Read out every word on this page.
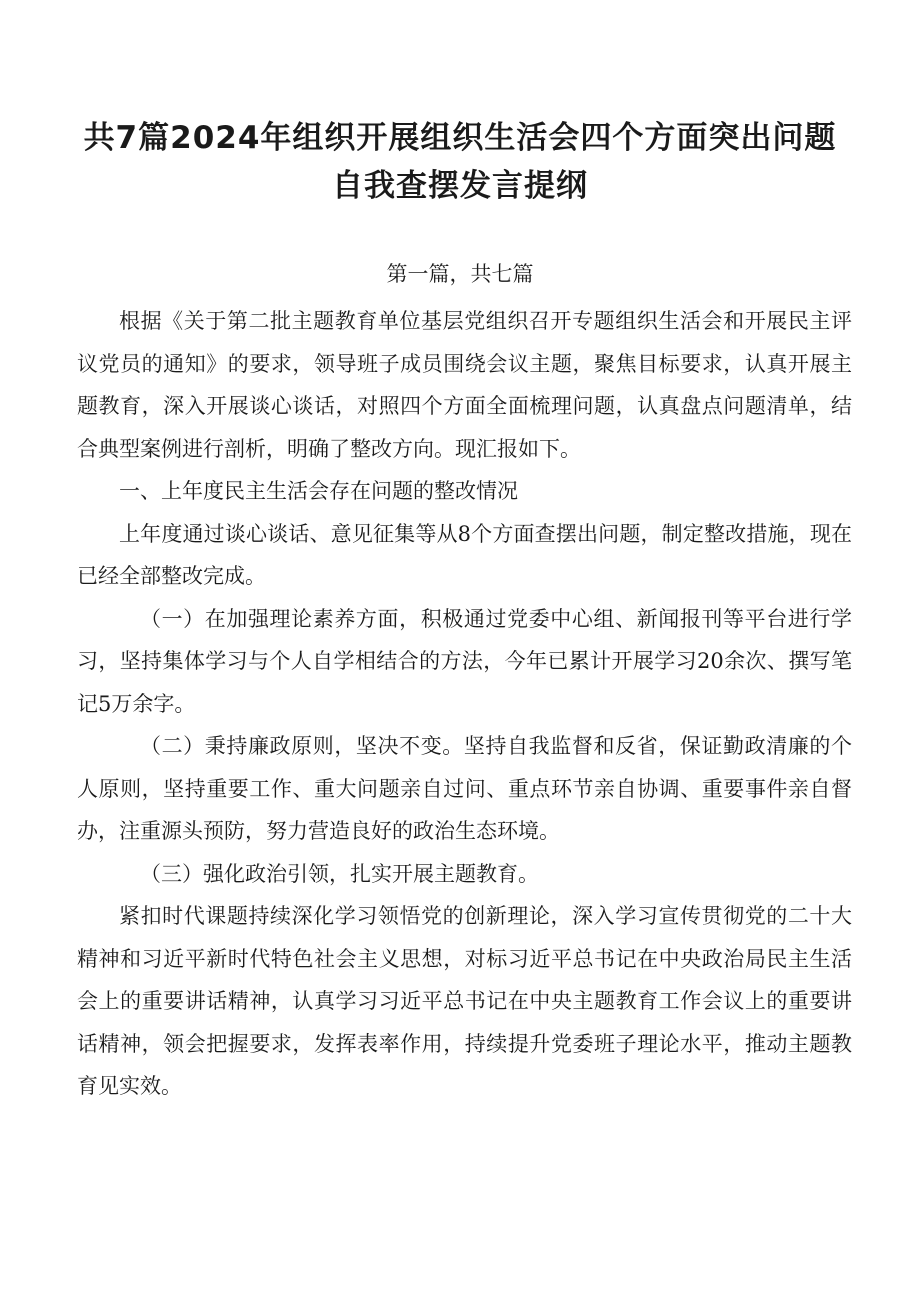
共7篇2024年组织开展组织生活会四个方面突出问题
自我查摆发言提纲
第一篇，共七篇

根据《关于第二批主题教育单位基层党组织召开专题组织生活会和开展民主评议党员的通知》的要求，领导班子成员围绕会议主题，聚焦目标要求，认真开展主题教育，深入开展谈心谈话，对照四个方面全面梳理问题，认真盘点问题清单，结合典型案例进行剖析，明确了整改方向。现汇报如下。

一、上年度民主生活会存在问题的整改情况

上年度通过谈心谈话、意见征集等从8个方面查摆出问题，制定整改措施，现在已经全部整改完成。

（一）在加强理论素养方面，积极通过党委中心组、新闻报刊等平台进行学习，坚持集体学习与个人自学相结合的方法，今年已累计开展学习20余次、撰写笔记5万余字。

（二）秉持廉政原则，坚决不变。坚持自我监督和反省，保证勤政清廉的个人原则，坚持重要工作、重大问题亲自过问、重点环节亲自协调、重要事件亲自督办，注重源头预防，努力营造良好的政治生态环境。

（三）强化政治引领，扎实开展主题教育。

紧扣时代课题持续深化学习领悟党的创新理论，深入学习宣传贯彻党的二十大精神和习近平新时代特色社会主义思想，对标习近平总书记在中央政治局民主生活会上的重要讲话精神，认真学习习近平总书记在中央主题教育工作会议上的重要讲话精神，领会把握要求，发挥表率作用，持续提升党委班子理论水平，推动主题教育见实效。
